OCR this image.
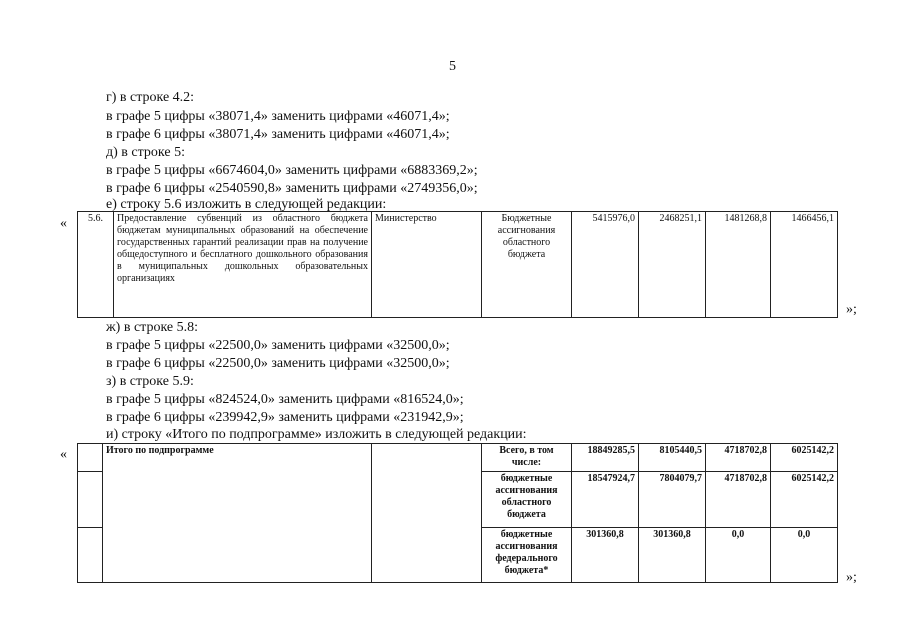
5
г) в строке 4.2:
в графе 5 цифры «38071,4» заменить цифрами «46071,4»;
в графе 6 цифры «38071,4» заменить цифрами «46071,4»;
д) в строке 5:
в графе 5 цифры «6674604,0» заменить цифрами «6883369,2»;
в графе 6 цифры «2540590,8» заменить цифрами «2749356,0»;
е) строку 5.6 изложить в следующей редакции:
« 5.6.	Предоставление субвенций из областного бюджета бюджетам муниципальных образований на обеспечение государственных гарантий реализации прав на получение общедоступного и бесплатного дошкольного образования в муниципальных дошкольных образовательных организациях	Министерство	Бюджетные ассигнования областного бюджета	5415976,0	2468251,1	1481268,8	1466456,1
»;
ж) в строке 5.8:
в графе 5 цифры «22500,0» заменить цифрами «32500,0»;
в графе 6 цифры «22500,0» заменить цифрами «32500,0»;
з) в строке 5.9:
в графе 5 цифры «824524,0» заменить цифрами «816524,0»;
в графе 6 цифры «239942,9» заменить цифрами «231942,9»;
и) строку «Итого по подпрограмме» изложить в следующей редакции:
«
		Итого по подпрограмме		Всего, в том числе:	18849285,5	8105440,5	4718702,8	6025142,2
			бюджетные ассигнования областного бюджета	18547924,7	7804079,7	4718702,8	6025142,2
			бюджетные ассигнования федерального бюджета*	301360,8	301360,8	0,0	0,0
»;
